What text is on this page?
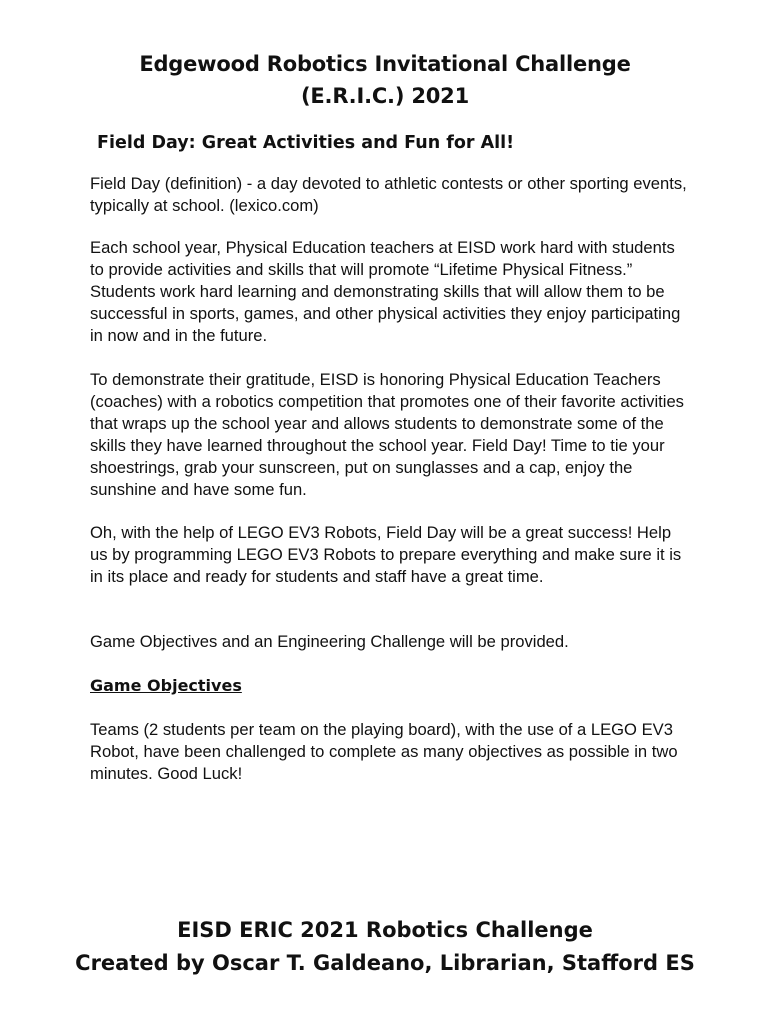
Edgewood Robotics Invitational Challenge
(E.R.I.C.) 2021
Field Day: Great Activities and Fun for All!

Field Day (definition) - a day devoted to athletic contests or other sporting events, typically at school. (lexico.com)

Each school year, Physical Education teachers at EISD work hard with students to provide activities and skills that will promote “Lifetime Physical Fitness.” Students work hard learning and demonstrating skills that will allow them to be successful in sports, games, and other physical activities they enjoy participating in now and in the future.

To demonstrate their gratitude, EISD is honoring Physical Education Teachers (coaches) with a robotics competition that promotes one of their favorite activities that wraps up the school year and allows students to demonstrate some of the skills they have learned throughout the school year. Field Day! Time to tie your shoestrings, grab your sunscreen, put on sunglasses and a cap, enjoy the sunshine and have some fun.

Oh, with the help of LEGO EV3 Robots, Field Day will be a great success! Help us by programming LEGO EV3 Robots to prepare everything and make sure it is in its place and ready for students and staff have a great time.

Game Objectives and an Engineering Challenge will be provided.

Game Objectives

Teams (2 students per team on the playing board), with the use of a LEGO EV3 Robot, have been challenged to complete as many objectives as possible in two minutes. Good Luck!

EISD ERIC 2021 Robotics Challenge
Created by Oscar T. Galdeano, Librarian, Stafford ES
